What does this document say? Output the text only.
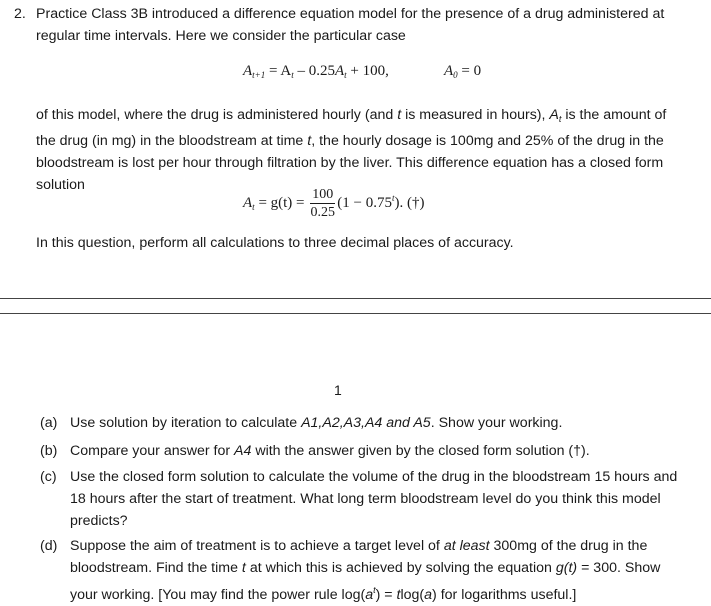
2. Practice Class 3B introduced a difference equation model for the presence of a drug administered at
regular time intervals. Here we consider the particular case
$A_{t+1} = A_t - 0.25A_t + 100$,	$A_0 = 0$
of this model, where the drug is administered hourly (and t is measured in hours), $A_t$ is the amount of the drug (in mg) in the bloodstream at time t, the hourly dosage is 100mg and 25% of the drug in the bloodstream is lost per hour through filtration by the liver. This difference equation has a closed form solution
$A_t = g(t) = \frac{100}{0.25} (1 - 0.75^t)$. (†)
In this question, perform all calculations to three decimal places of accuracy.
1
(a) Use solution by iteration to calculate A1,A2,A3,A4 and A5. Show your working.
(b) Compare your answer for A4 with the answer given by the closed form solution (†).
(c) Use the closed form solution to calculate the volume of the drug in the bloodstream 15 hours and 18 hours after the start of treatment. What long term bloodstream level do you think this model predicts?
(d) Suppose the aim of treatment is to achieve a target level of at least 300mg of the drug in the bloodstream. Find the time t at which this is achieved by solving the equation g(t) = 300. Show your working. [You may find the power rule $\log(a^t) = tlog(a)$ for logarithms useful.]
